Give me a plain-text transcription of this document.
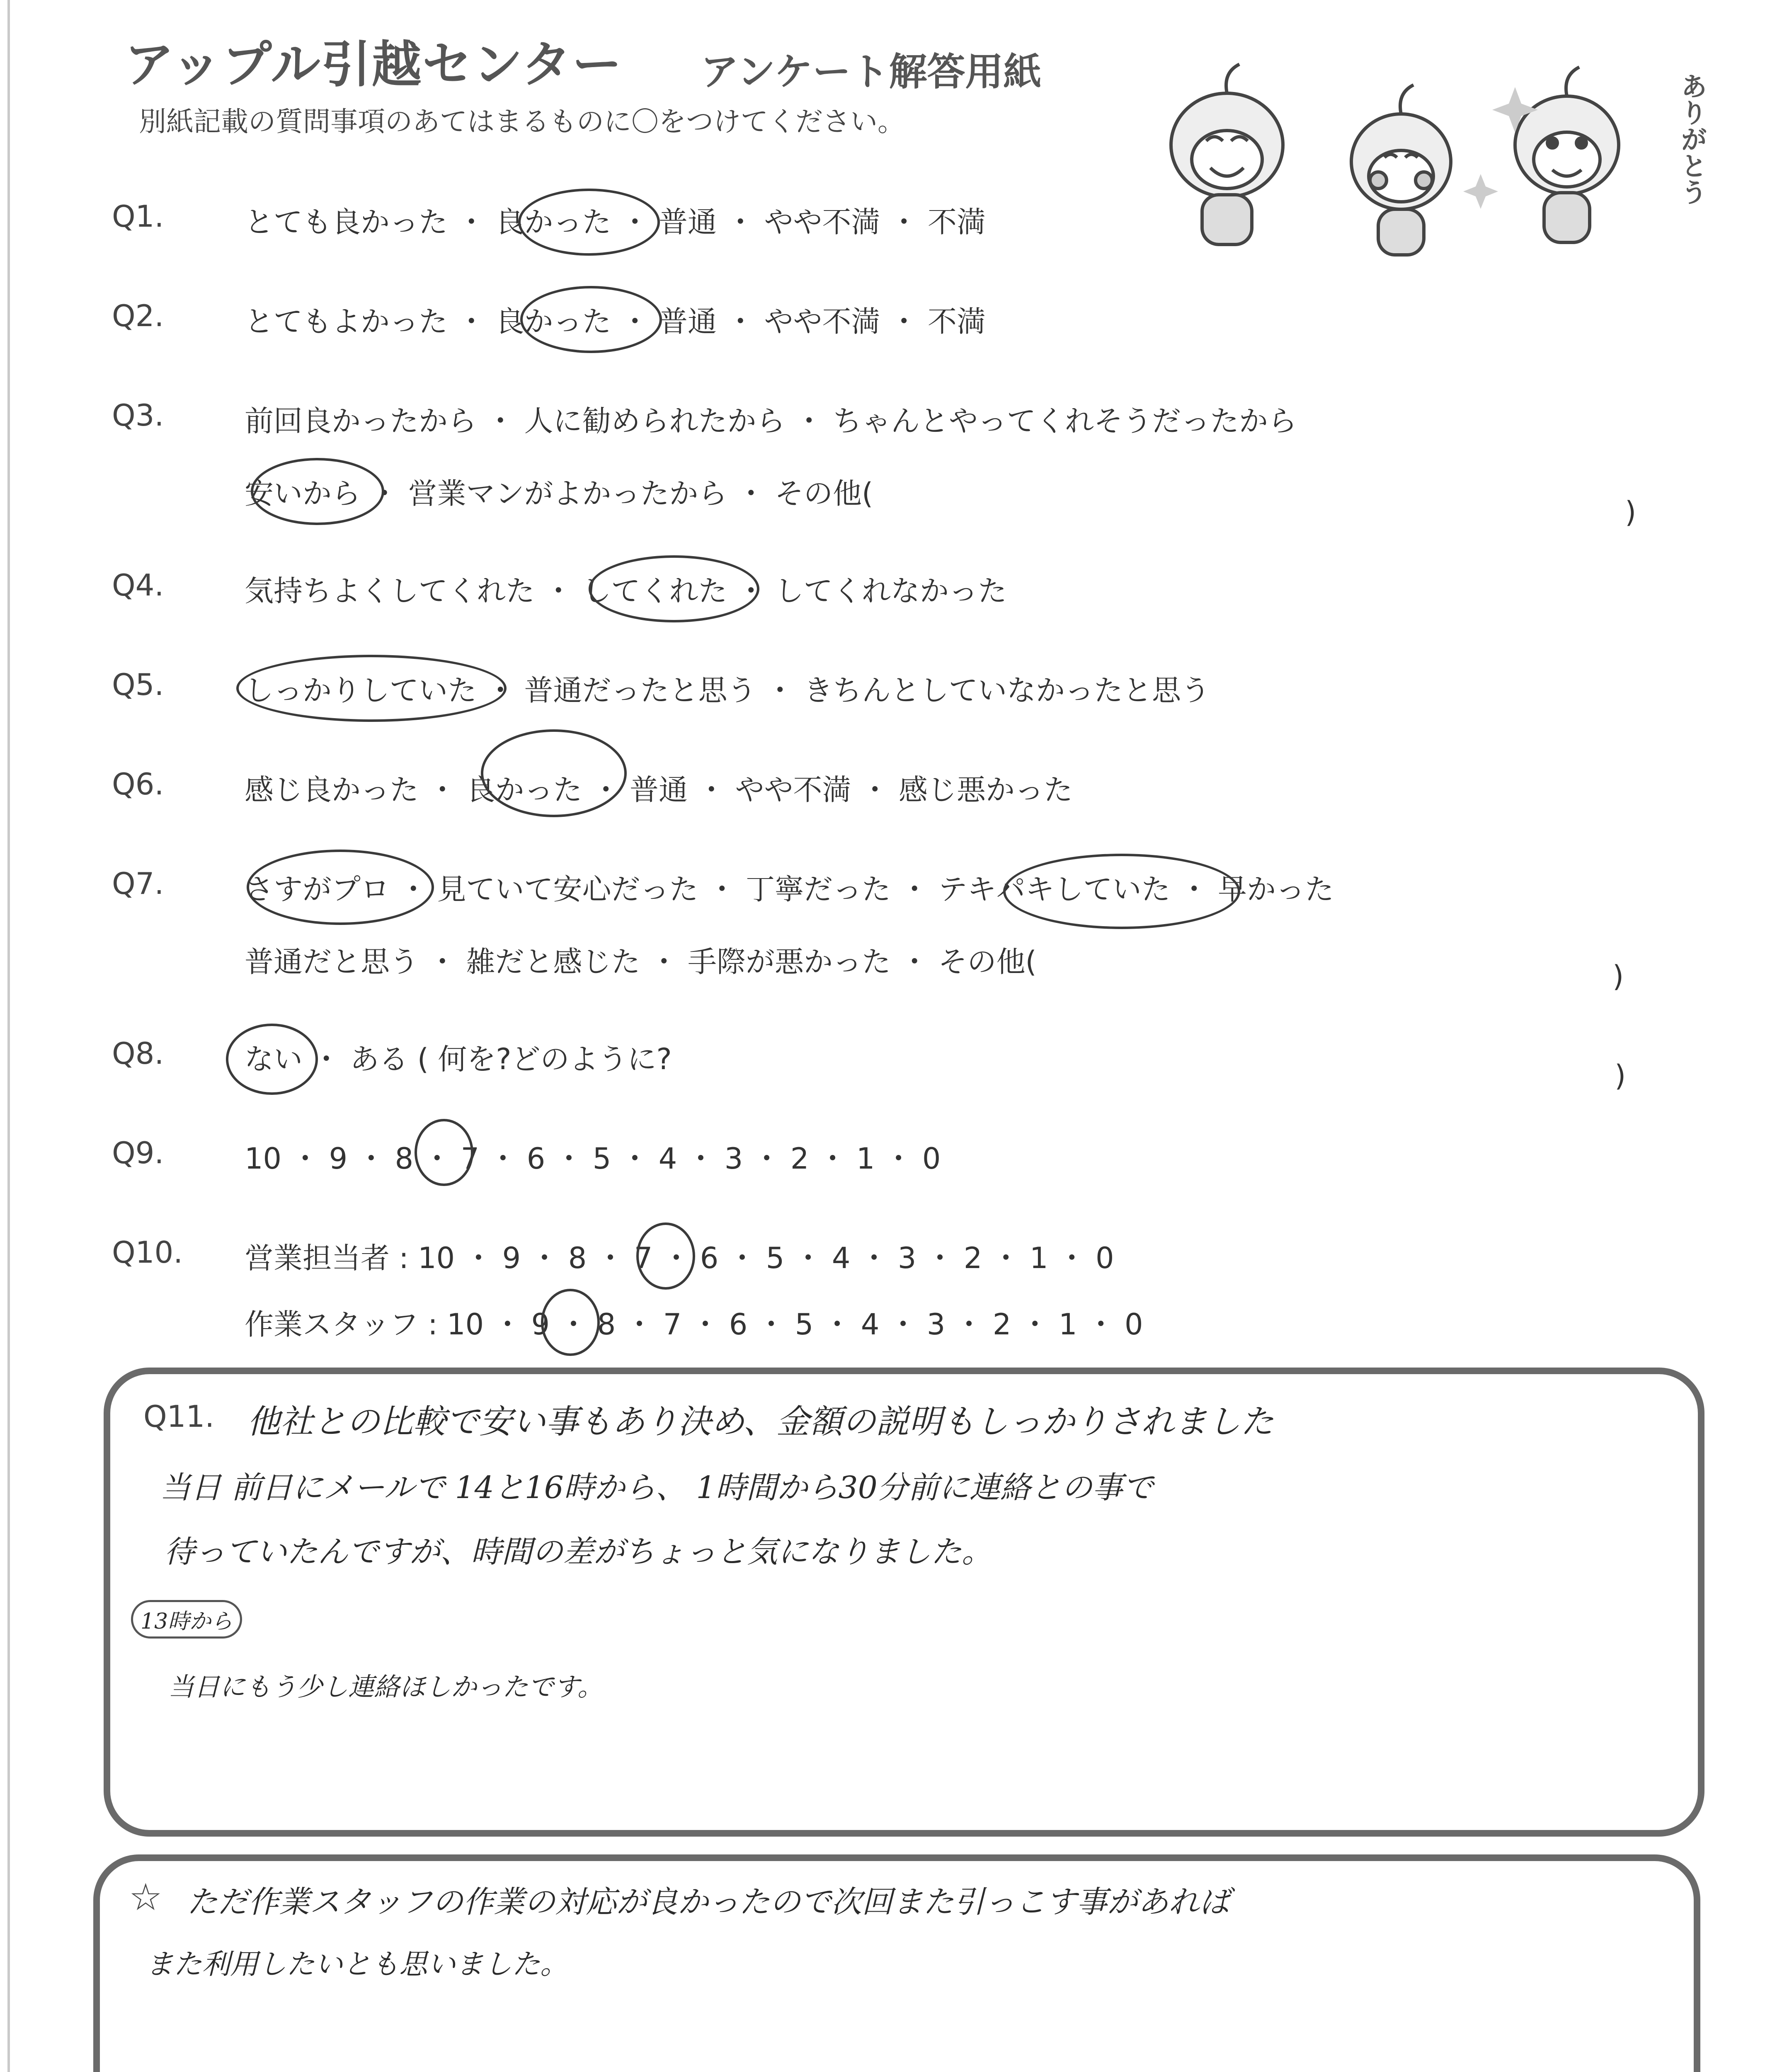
アップル引越センター アンケート解答用紙
別紙記載の質問事項のあてはまるものに〇をつけてください。	ありがとう
Q1.	とても良かった ・ 良かった ・ 普通 ・ やや不満 ・ 不満
Q2.	とてもよかった ・ 良かった ・ 普通 ・ やや不満 ・ 不満
Q3.	前回良かったから ・ 人に勧められたから ・ ちゃんとやってくれそうだったから
安いから ・ 営業マンがよかったから ・ その他(
)
Q4.	気持ちよくしてくれた ・ してくれた ・ してくれなかった
Q5.	しっかりしていた ・ 普通だったと思う ・ きちんとしていなかったと思う
Q6.	感じ良かった ・ 良かった ・ 普通 ・ やや不満 ・ 感じ悪かった
Q7.	さすがプロ ・ 見ていて安心だった ・ 丁寧だった ・ テキパキしていた ・ 早かった
普通だと思う ・ 雑だと感じた ・ 手際が悪かった ・ その他(	)
Q8.	ない ・ ある ( 何を?どのように?	)
Q9.	10 ・ 9 ・ 8 ・ 7 ・ 6 ・ 5 ・ 4 ・ 3 ・ 2 ・ 1 ・ 0
Q10. 営業担当者 : 10 ・ 9 ・ 8 ・ 7 ・ 6 ・ 5 ・ 4 ・ 3 ・ 2 ・ 1 ・ 0
作業スタッフ : 10 ・ 9 ・ 8 ・ 7 ・ 6 ・ 5 ・ 4 ・ 3 ・ 2 ・ 1 ・ 0
Q11. 他社との比較で安い事もあり決め、金額の説明もしっかりされました
当日 前日にメールで 14と16時から、 1時間から30分前に連絡との事で
待っていたんですが、時間の差がちょっと気になりました。
13時から
当日にもう少し連絡ほしかったです。
☆ ただ作業スタッフの作業の対応が良かったので次回また引っこす事があれば
また利用したいとも思いました。
